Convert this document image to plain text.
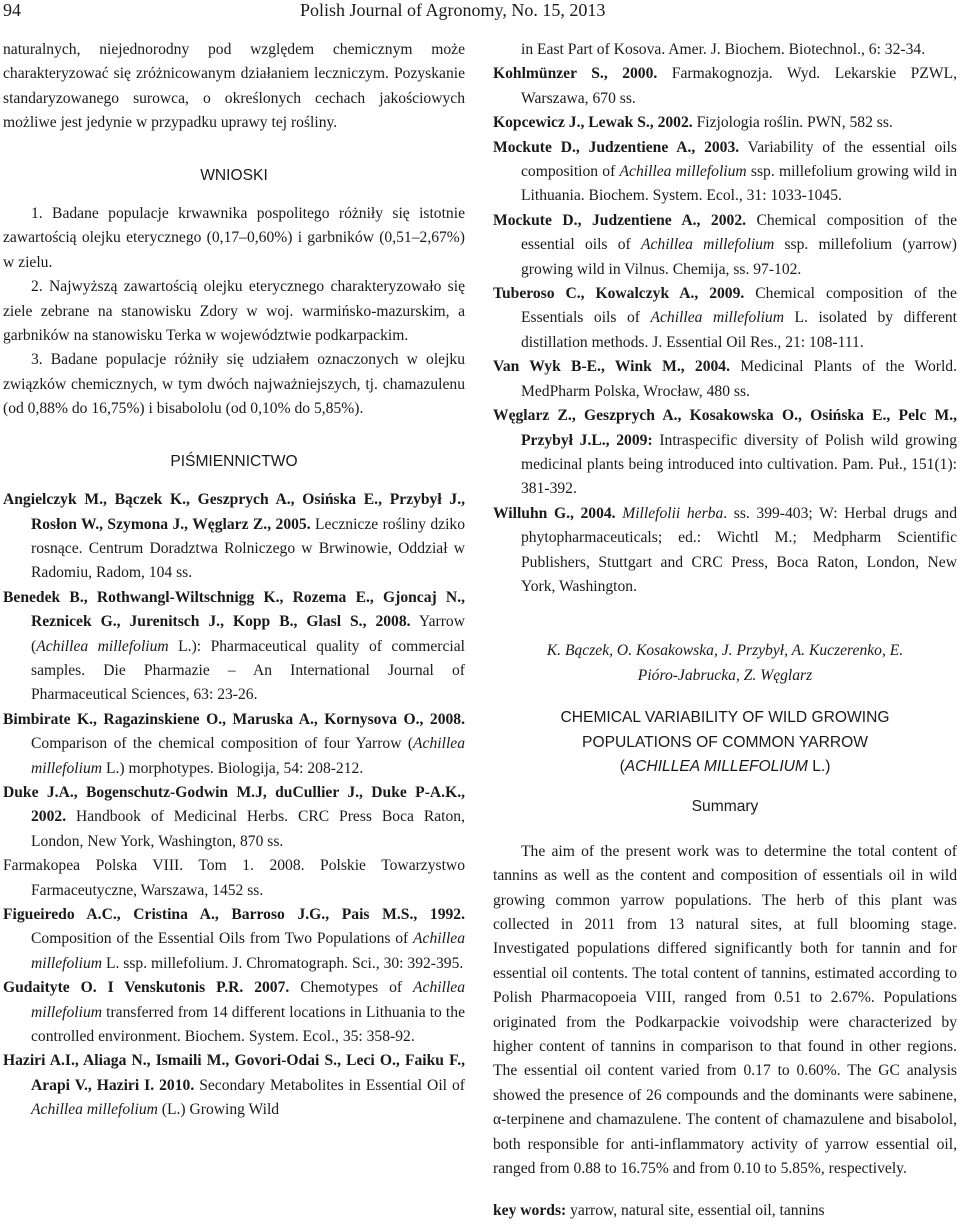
94	Polish Journal of Agronomy, No. 15, 2013

naturalnych, niejednorodny pod względem chemicznym może charakteryzować się zróżnicowanym działaniem leczniczym. Pozyskanie standaryzowanego surowca, o określonych cechach jakościowych możliwe jest jedynie w przypadku uprawy tej rośliny.

WNIOSKI

1. Badane populacje krwawnika pospolitego różniły się istotnie zawartością olejku eterycznego (0,17–0,60%) i garbników (0,51–2,67%) w zielu.

2. Najwyższą zawartością olejku eterycznego charakteryzowało się ziele zebrane na stanowisku Zdory w woj. warmińsko-mazurskim, a garbników na stanowisku Terka w województwie podkarpackim.

3. Badane populacje różniły się udziałem oznaczonych w olejku związków chemicznych, w tym dwóch najważniejszych, tj. chamazulenu (od 0,88% do 16,75%) i bisabololu (od 0,10% do 5,85%).

PIŚMIENNICTWO

Angielczyk M., Bączek K., Geszprych A., Osińska E., Przybył J., Rosłon W., Szymona J., Węglarz Z., 2005. Lecznicze rośliny dziko rosnące. Centrum Doradztwa Rolniczego w Brwinowie, Oddział w Radomiu, Radom, 104 ss.

Benedek B., Rothwangl-Wiltschnigg K., Rozema E., Gjoncaj N., Reznicek G., Jurenitsch J., Kopp B., Glasl S., 2008. Yarrow (Achillea millefolium L.): Pharmaceutical quality of commercial samples. Die Pharmazie – An International Journal of Pharmaceutical Sciences, 63: 23-26.

Bimbirate K., Ragazinskiene O., Maruska A., Kornysova O., 2008. Comparison of the chemical composition of four Yarrow (Achillea millefolium L.) morphotypes. Biologija, 54: 208-212.

Duke J.A., Bogenschutz-Godwin M.J, duCullier J., Duke P-A.K., 2002. Handbook of Medicinal Herbs. CRC Press Boca Raton, London, New York, Washington, 870 ss.

Farmakopea Polska VIII. Tom 1. 2008. Polskie Towarzystwo Farmaceutyczne, Warszawa, 1452 ss.

Figueiredo A.C., Cristina A., Barroso J.G., Pais M.S., 1992. Composition of the Essential Oils from Two Populations of Achillea millefolium L. ssp. millefolium. J. Chromatograph. Sci., 30: 392-395.

Gudaityte O. I Venskutonis P.R. 2007. Chemotypes of Achillea millefolium transferred from 14 different locations in Lithuania to the controlled environment. Biochem. System. Ecol., 35: 358-92.

Haziri A.I., Aliaga N., Ismaili M., Govori-Odai S., Leci O., Faiku F., Arapi V., Haziri I. 2010. Secondary Metabolites in Essential Oil of Achillea millefolium (L.) Growing Wild

in East Part of Kosova. Amer. J. Biochem. Biotechnol., 6: 32-34.

Kohlmünzer S., 2000. Farmakognozja. Wyd. Lekarskie PZWL, Warszawa, 670 ss.

Kopcewicz J., Lewak S., 2002. Fizjologia roślin. PWN, 582 ss.

Mockute D., Judzentiene A., 2003. Variability of the essential oils composition of Achillea millefolium ssp. millefolium growing wild in Lithuania. Biochem. System. Ecol., 31: 1033-1045.

Mockute D., Judzentiene A., 2002. Chemical composition of the essential oils of Achillea millefolium ssp. millefolium (yarrow) growing wild in Vilnus. Chemija, ss. 97-102.

Tuberoso C., Kowalczyk A., 2009. Chemical composition of the Essentials oils of Achillea millefolium L. isolated by different distillation methods. J. Essential Oil Res., 21: 108-111.

Van Wyk B-E., Wink M., 2004. Medicinal Plants of the World. MedPharm Polska, Wrocław, 480 ss.

Węglarz Z., Geszprych A., Kosakowska O., Osińska E., Pelc M., Przybył J.L., 2009: Intraspecific diversity of Polish wild growing medicinal plants being introduced into cultivation. Pam. Puł., 151(1): 381-392.

Willuhn G., 2004. Millefolii herba. ss. 399-403; W: Herbal drugs and phytopharmaceuticals; ed.: Wichtl M.; Medpharm Scientific Publishers, Stuttgart and CRC Press, Boca Raton, London, New York, Washington.

K. Bączek, O. Kosakowska, J. Przybył, A. Kuczerenko, E. Pióro-Jabrucka, Z. Węglarz

CHEMICAL VARIABILITY OF WILD GROWING POPULATIONS OF COMMON YARROW
(ACHILLEA MILLEFOLIUM L.)

Summary

The aim of the present work was to determine the total content of tannins as well as the content and composition of essentials oil in wild growing common yarrow populations. The herb of this plant was collected in 2011 from 13 natural sites, at full blooming stage. Investigated populations differed significantly both for tannin and for essential oil contents. The total content of tannins, estimated according to Polish Pharmacopoeia VIII, ranged from 0.51 to 2.67%. Populations originated from the Podkarpackie voivodship were characterized by higher content of tannins in comparison to that found in other regions. The essential oil content varied from 0.17 to 0.60%. The GC analysis showed the presence of 26 compounds and the dominants were sabinene, α-terpinene and chamazulene. The content of chamazulene and bisabolol, both responsible for anti-inflammatory activity of yarrow essential oil, ranged from 0.88 to 16.75% and from 0.10 to 5.85%, respectively.

key words: yarrow, natural site, essential oil, tannins
